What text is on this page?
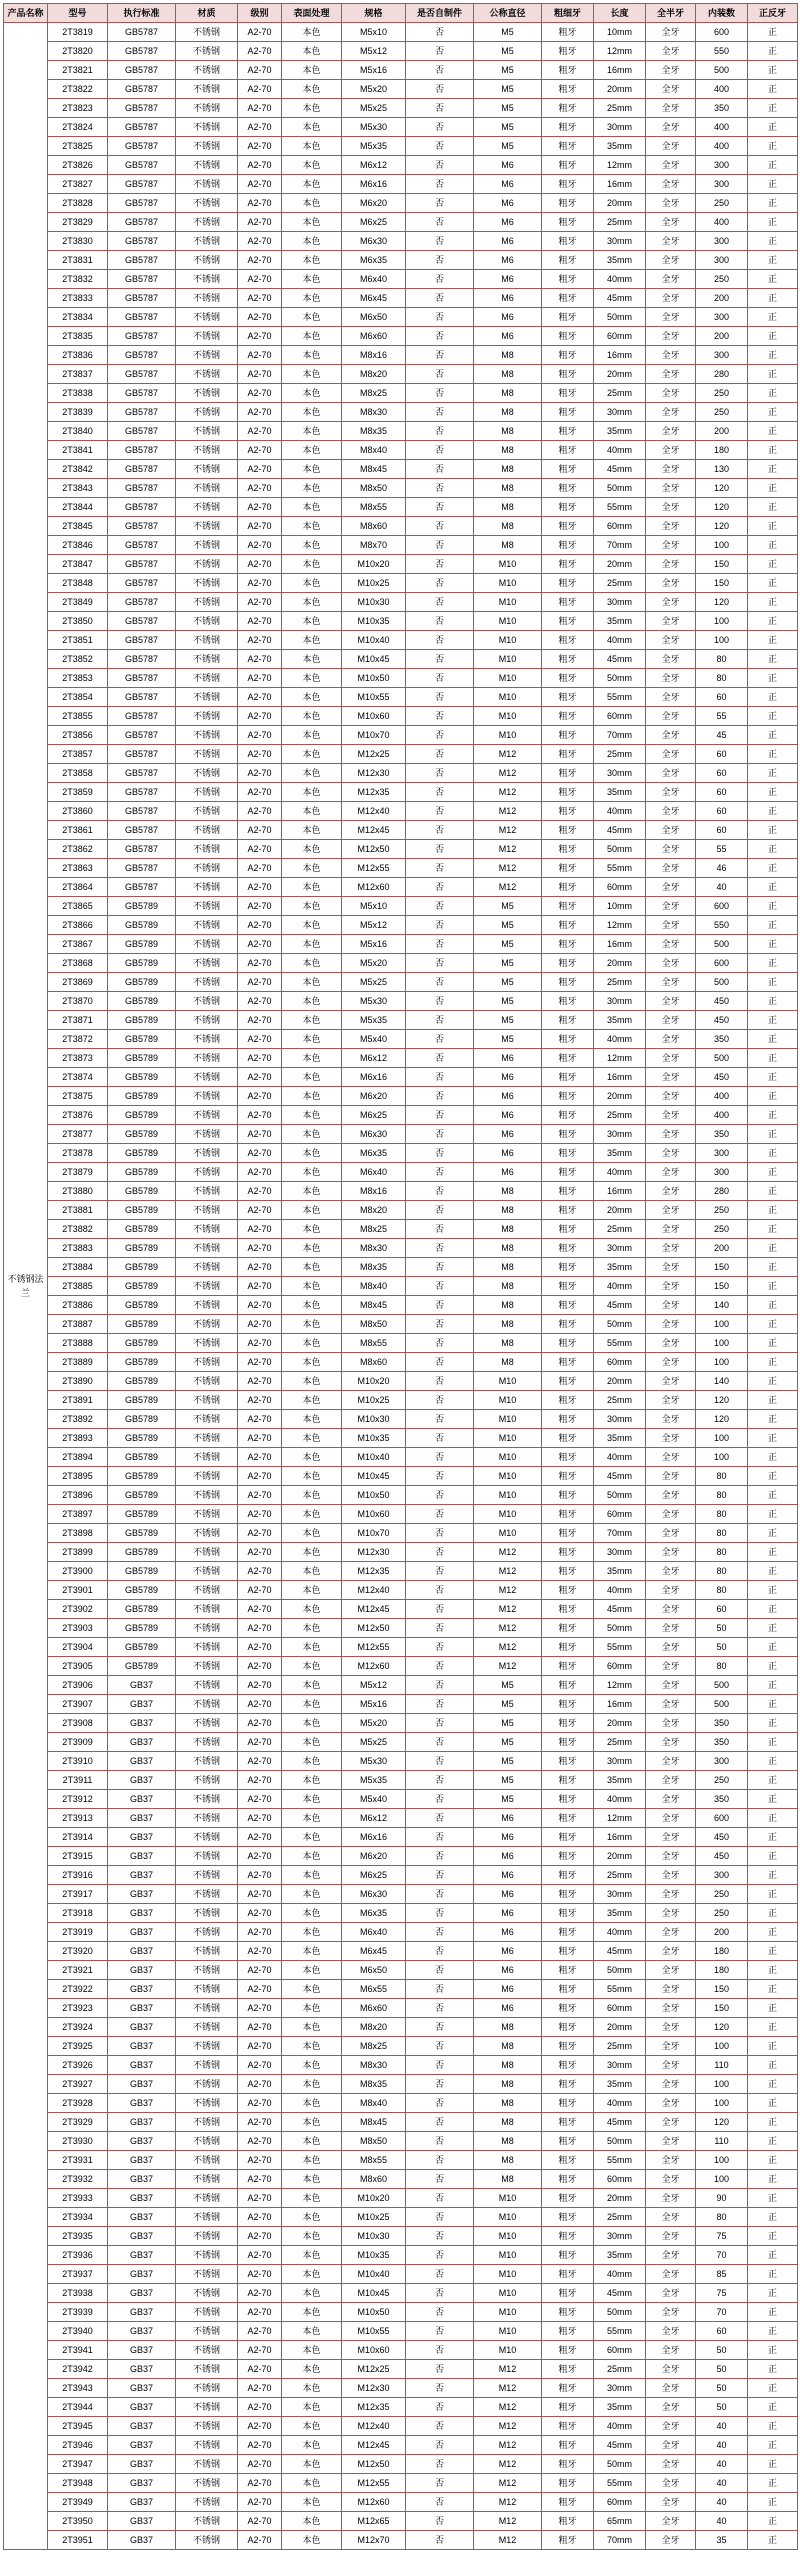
产品名称	型号	执行标准	材质	级别	表面处理	规格	是否自制件	公称直径	粗细牙	长度	全半牙	内装数	正反牙
不锈钢法兰	2T3819	GB5787	不锈钢	A2-70	本色	M5x10	否	M5	粗牙	10mm	全牙	600	正
	2T3820	GB5787	不锈钢	A2-70	本色	M5x12	否	M5	粗牙	12mm	全牙	550	正
	2T3821	GB5787	不锈钢	A2-70	本色	M5x16	否	M5	粗牙	16mm	全牙	500	正
	2T3822	GB5787	不锈钢	A2-70	本色	M5x20	否	M5	粗牙	20mm	全牙	400	正
	2T3823	GB5787	不锈钢	A2-70	本色	M5x25	否	M5	粗牙	25mm	全牙	350	正
	2T3824	GB5787	不锈钢	A2-70	本色	M5x30	否	M5	粗牙	30mm	全牙	400	正
	2T3825	GB5787	不锈钢	A2-70	本色	M5x35	否	M5	粗牙	35mm	全牙	400	正
	2T3826	GB5787	不锈钢	A2-70	本色	M6x12	否	M6	粗牙	12mm	全牙	300	正
	2T3827	GB5787	不锈钢	A2-70	本色	M6x16	否	M6	粗牙	16mm	全牙	300	正
	2T3828	GB5787	不锈钢	A2-70	本色	M6x20	否	M6	粗牙	20mm	全牙	250	正
	2T3829	GB5787	不锈钢	A2-70	本色	M6x25	否	M6	粗牙	25mm	全牙	400	正
	2T3830	GB5787	不锈钢	A2-70	本色	M6x30	否	M6	粗牙	30mm	全牙	300	正
	2T3831	GB5787	不锈钢	A2-70	本色	M6x35	否	M6	粗牙	35mm	全牙	300	正
	2T3832	GB5787	不锈钢	A2-70	本色	M6x40	否	M6	粗牙	40mm	全牙	250	正
	2T3833	GB5787	不锈钢	A2-70	本色	M6x45	否	M6	粗牙	45mm	全牙	200	正
	2T3834	GB5787	不锈钢	A2-70	本色	M6x50	否	M6	粗牙	50mm	全牙	300	正
	2T3835	GB5787	不锈钢	A2-70	本色	M6x60	否	M6	粗牙	60mm	全牙	200	正
	2T3836	GB5787	不锈钢	A2-70	本色	M8x16	否	M8	粗牙	16mm	全牙	300	正
	2T3837	GB5787	不锈钢	A2-70	本色	M8x20	否	M8	粗牙	20mm	全牙	280	正
	2T3838	GB5787	不锈钢	A2-70	本色	M8x25	否	M8	粗牙	25mm	全牙	250	正
	2T3839	GB5787	不锈钢	A2-70	本色	M8x30	否	M8	粗牙	30mm	全牙	250	正
	2T3840	GB5787	不锈钢	A2-70	本色	M8x35	否	M8	粗牙	35mm	全牙	200	正
	2T3841	GB5787	不锈钢	A2-70	本色	M8x40	否	M8	粗牙	40mm	全牙	180	正
	2T3842	GB5787	不锈钢	A2-70	本色	M8x45	否	M8	粗牙	45mm	全牙	130	正
	2T3843	GB5787	不锈钢	A2-70	本色	M8x50	否	M8	粗牙	50mm	全牙	120	正
	2T3844	GB5787	不锈钢	A2-70	本色	M8x55	否	M8	粗牙	55mm	全牙	120	正
	2T3845	GB5787	不锈钢	A2-70	本色	M8x60	否	M8	粗牙	60mm	全牙	120	正
	2T3846	GB5787	不锈钢	A2-70	本色	M8x70	否	M8	粗牙	70mm	全牙	100	正
	2T3847	GB5787	不锈钢	A2-70	本色	M10x20	否	M10	粗牙	20mm	全牙	150	正
	2T3848	GB5787	不锈钢	A2-70	本色	M10x25	否	M10	粗牙	25mm	全牙	150	正
	2T3849	GB5787	不锈钢	A2-70	本色	M10x30	否	M10	粗牙	30mm	全牙	120	正
	2T3850	GB5787	不锈钢	A2-70	本色	M10x35	否	M10	粗牙	35mm	全牙	100	正
	2T3851	GB5787	不锈钢	A2-70	本色	M10x40	否	M10	粗牙	40mm	全牙	100	正
	2T3852	GB5787	不锈钢	A2-70	本色	M10x45	否	M10	粗牙	45mm	全牙	80	正
	2T3853	GB5787	不锈钢	A2-70	本色	M10x50	否	M10	粗牙	50mm	全牙	80	正
	2T3854	GB5787	不锈钢	A2-70	本色	M10x55	否	M10	粗牙	55mm	全牙	60	正
	2T3855	GB5787	不锈钢	A2-70	本色	M10x60	否	M10	粗牙	60mm	全牙	55	正
	2T3856	GB5787	不锈钢	A2-70	本色	M10x70	否	M10	粗牙	70mm	全牙	45	正
	2T3857	GB5787	不锈钢	A2-70	本色	M12x25	否	M12	粗牙	25mm	全牙	60	正
	2T3858	GB5787	不锈钢	A2-70	本色	M12x30	否	M12	粗牙	30mm	全牙	60	正
	2T3859	GB5787	不锈钢	A2-70	本色	M12x35	否	M12	粗牙	35mm	全牙	60	正
	2T3860	GB5787	不锈钢	A2-70	本色	M12x40	否	M12	粗牙	40mm	全牙	60	正
	2T3861	GB5787	不锈钢	A2-70	本色	M12x45	否	M12	粗牙	45mm	全牙	60	正
	2T3862	GB5787	不锈钢	A2-70	本色	M12x50	否	M12	粗牙	50mm	全牙	55	正
	2T3863	GB5787	不锈钢	A2-70	本色	M12x55	否	M12	粗牙	55mm	全牙	46	正
	2T3864	GB5787	不锈钢	A2-70	本色	M12x60	否	M12	粗牙	60mm	全牙	40	正
	2T3865	GB5789	不锈钢	A2-70	本色	M5x10	否	M5	粗牙	10mm	全牙	600	正
	2T3866	GB5789	不锈钢	A2-70	本色	M5x12	否	M5	粗牙	12mm	全牙	550	正
	2T3867	GB5789	不锈钢	A2-70	本色	M5x16	否	M5	粗牙	16mm	全牙	500	正
	2T3868	GB5789	不锈钢	A2-70	本色	M5x20	否	M5	粗牙	20mm	全牙	600	正
	2T3869	GB5789	不锈钢	A2-70	本色	M5x25	否	M5	粗牙	25mm	全牙	500	正
	2T3870	GB5789	不锈钢	A2-70	本色	M5x30	否	M5	粗牙	30mm	全牙	450	正
	2T3871	GB5789	不锈钢	A2-70	本色	M5x35	否	M5	粗牙	35mm	全牙	450	正
	2T3872	GB5789	不锈钢	A2-70	本色	M5x40	否	M5	粗牙	40mm	全牙	350	正
	2T3873	GB5789	不锈钢	A2-70	本色	M6x12	否	M6	粗牙	12mm	全牙	500	正
	2T3874	GB5789	不锈钢	A2-70	本色	M6x16	否	M6	粗牙	16mm	全牙	450	正
	2T3875	GB5789	不锈钢	A2-70	本色	M6x20	否	M6	粗牙	20mm	全牙	400	正
	2T3876	GB5789	不锈钢	A2-70	本色	M6x25	否	M6	粗牙	25mm	全牙	400	正
	2T3877	GB5789	不锈钢	A2-70	本色	M6x30	否	M6	粗牙	30mm	全牙	350	正
	2T3878	GB5789	不锈钢	A2-70	本色	M6x35	否	M6	粗牙	35mm	全牙	300	正
	2T3879	GB5789	不锈钢	A2-70	本色	M6x40	否	M6	粗牙	40mm	全牙	300	正
	2T3880	GB5789	不锈钢	A2-70	本色	M8x16	否	M8	粗牙	16mm	全牙	280	正
	2T3881	GB5789	不锈钢	A2-70	本色	M8x20	否	M8	粗牙	20mm	全牙	250	正
	2T3882	GB5789	不锈钢	A2-70	本色	M8x25	否	M8	粗牙	25mm	全牙	250	正
	2T3883	GB5789	不锈钢	A2-70	本色	M8x30	否	M8	粗牙	30mm	全牙	200	正
	2T3884	GB5789	不锈钢	A2-70	本色	M8x35	否	M8	粗牙	35mm	全牙	150	正
	2T3885	GB5789	不锈钢	A2-70	本色	M8x40	否	M8	粗牙	40mm	全牙	150	正
	2T3886	GB5789	不锈钢	A2-70	本色	M8x45	否	M8	粗牙	45mm	全牙	140	正
	2T3887	GB5789	不锈钢	A2-70	本色	M8x50	否	M8	粗牙	50mm	全牙	100	正
	2T3888	GB5789	不锈钢	A2-70	本色	M8x55	否	M8	粗牙	55mm	全牙	100	正
	2T3889	GB5789	不锈钢	A2-70	本色	M8x60	否	M8	粗牙	60mm	全牙	100	正
	2T3890	GB5789	不锈钢	A2-70	本色	M10x20	否	M10	粗牙	20mm	全牙	140	正
	2T3891	GB5789	不锈钢	A2-70	本色	M10x25	否	M10	粗牙	25mm	全牙	120	正
	2T3892	GB5789	不锈钢	A2-70	本色	M10x30	否	M10	粗牙	30mm	全牙	120	正
	2T3893	GB5789	不锈钢	A2-70	本色	M10x35	否	M10	粗牙	35mm	全牙	100	正
	2T3894	GB5789	不锈钢	A2-70	本色	M10x40	否	M10	粗牙	40mm	全牙	100	正
	2T3895	GB5789	不锈钢	A2-70	本色	M10x45	否	M10	粗牙	45mm	全牙	80	正
	2T3896	GB5789	不锈钢	A2-70	本色	M10x50	否	M10	粗牙	50mm	全牙	80	正
	2T3897	GB5789	不锈钢	A2-70	本色	M10x60	否	M10	粗牙	60mm	全牙	80	正
	2T3898	GB5789	不锈钢	A2-70	本色	M10x70	否	M10	粗牙	70mm	全牙	80	正
	2T3899	GB5789	不锈钢	A2-70	本色	M12x30	否	M12	粗牙	30mm	全牙	80	正
	2T3900	GB5789	不锈钢	A2-70	本色	M12x35	否	M12	粗牙	35mm	全牙	80	正
	2T3901	GB5789	不锈钢	A2-70	本色	M12x40	否	M12	粗牙	40mm	全牙	80	正
	2T3902	GB5789	不锈钢	A2-70	本色	M12x45	否	M12	粗牙	45mm	全牙	60	正
	2T3903	GB5789	不锈钢	A2-70	本色	M12x50	否	M12	粗牙	50mm	全牙	50	正
	2T3904	GB5789	不锈钢	A2-70	本色	M12x55	否	M12	粗牙	55mm	全牙	50	正
	2T3905	GB5789	不锈钢	A2-70	本色	M12x60	否	M12	粗牙	60mm	全牙	80	正
	2T3906	GB37	不锈钢	A2-70	本色	M5x12	否	M5	粗牙	12mm	全牙	500	正
	2T3907	GB37	不锈钢	A2-70	本色	M5x16	否	M5	粗牙	16mm	全牙	500	正
	2T3908	GB37	不锈钢	A2-70	本色	M5x20	否	M5	粗牙	20mm	全牙	350	正
	2T3909	GB37	不锈钢	A2-70	本色	M5x25	否	M5	粗牙	25mm	全牙	350	正
	2T3910	GB37	不锈钢	A2-70	本色	M5x30	否	M5	粗牙	30mm	全牙	300	正
	2T3911	GB37	不锈钢	A2-70	本色	M5x35	否	M5	粗牙	35mm	全牙	250	正
	2T3912	GB37	不锈钢	A2-70	本色	M5x40	否	M5	粗牙	40mm	全牙	350	正
	2T3913	GB37	不锈钢	A2-70	本色	M6x12	否	M6	粗牙	12mm	全牙	600	正
	2T3914	GB37	不锈钢	A2-70	本色	M6x16	否	M6	粗牙	16mm	全牙	450	正
	2T3915	GB37	不锈钢	A2-70	本色	M6x20	否	M6	粗牙	20mm	全牙	450	正
	2T3916	GB37	不锈钢	A2-70	本色	M6x25	否	M6	粗牙	25mm	全牙	300	正
	2T3917	GB37	不锈钢	A2-70	本色	M6x30	否	M6	粗牙	30mm	全牙	250	正
	2T3918	GB37	不锈钢	A2-70	本色	M6x35	否	M6	粗牙	35mm	全牙	250	正
	2T3919	GB37	不锈钢	A2-70	本色	M6x40	否	M6	粗牙	40mm	全牙	200	正
	2T3920	GB37	不锈钢	A2-70	本色	M6x45	否	M6	粗牙	45mm	全牙	180	正
	2T3921	GB37	不锈钢	A2-70	本色	M6x50	否	M6	粗牙	50mm	全牙	180	正
	2T3922	GB37	不锈钢	A2-70	本色	M6x55	否	M6	粗牙	55mm	全牙	150	正
	2T3923	GB37	不锈钢	A2-70	本色	M6x60	否	M6	粗牙	60mm	全牙	150	正
	2T3924	GB37	不锈钢	A2-70	本色	M8x20	否	M8	粗牙	20mm	全牙	120	正
	2T3925	GB37	不锈钢	A2-70	本色	M8x25	否	M8	粗牙	25mm	全牙	100	正
	2T3926	GB37	不锈钢	A2-70	本色	M8x30	否	M8	粗牙	30mm	全牙	110	正
	2T3927	GB37	不锈钢	A2-70	本色	M8x35	否	M8	粗牙	35mm	全牙	100	正
	2T3928	GB37	不锈钢	A2-70	本色	M8x40	否	M8	粗牙	40mm	全牙	100	正
	2T3929	GB37	不锈钢	A2-70	本色	M8x45	否	M8	粗牙	45mm	全牙	120	正
	2T3930	GB37	不锈钢	A2-70	本色	M8x50	否	M8	粗牙	50mm	全牙	110	正
	2T3931	GB37	不锈钢	A2-70	本色	M8x55	否	M8	粗牙	55mm	全牙	100	正
	2T3932	GB37	不锈钢	A2-70	本色	M8x60	否	M8	粗牙	60mm	全牙	100	正
	2T3933	GB37	不锈钢	A2-70	本色	M10x20	否	M10	粗牙	20mm	全牙	90	正
	2T3934	GB37	不锈钢	A2-70	本色	M10x25	否	M10	粗牙	25mm	全牙	80	正
	2T3935	GB37	不锈钢	A2-70	本色	M10x30	否	M10	粗牙	30mm	全牙	75	正
	2T3936	GB37	不锈钢	A2-70	本色	M10x35	否	M10	粗牙	35mm	全牙	70	正
	2T3937	GB37	不锈钢	A2-70	本色	M10x40	否	M10	粗牙	40mm	全牙	85	正
	2T3938	GB37	不锈钢	A2-70	本色	M10x45	否	M10	粗牙	45mm	全牙	75	正
	2T3939	GB37	不锈钢	A2-70	本色	M10x50	否	M10	粗牙	50mm	全牙	70	正
	2T3940	GB37	不锈钢	A2-70	本色	M10x55	否	M10	粗牙	55mm	全牙	60	正
	2T3941	GB37	不锈钢	A2-70	本色	M10x60	否	M10	粗牙	60mm	全牙	50	正
	2T3942	GB37	不锈钢	A2-70	本色	M12x25	否	M12	粗牙	25mm	全牙	50	正
	2T3943	GB37	不锈钢	A2-70	本色	M12x30	否	M12	粗牙	30mm	全牙	50	正
	2T3944	GB37	不锈钢	A2-70	本色	M12x35	否	M12	粗牙	35mm	全牙	50	正
	2T3945	GB37	不锈钢	A2-70	本色	M12x40	否	M12	粗牙	40mm	全牙	40	正
	2T3946	GB37	不锈钢	A2-70	本色	M12x45	否	M12	粗牙	45mm	全牙	40	正
	2T3947	GB37	不锈钢	A2-70	本色	M12x50	否	M12	粗牙	50mm	全牙	40	正
	2T3948	GB37	不锈钢	A2-70	本色	M12x55	否	M12	粗牙	55mm	全牙	40	正
	2T3949	GB37	不锈钢	A2-70	本色	M12x60	否	M12	粗牙	60mm	全牙	40	正
	2T3950	GB37	不锈钢	A2-70	本色	M12x65	否	M12	粗牙	65mm	全牙	40	正
	2T3951	GB37	不锈钢	A2-70	本色	M12x70	否	M12	粗牙	70mm	全牙	35	正
